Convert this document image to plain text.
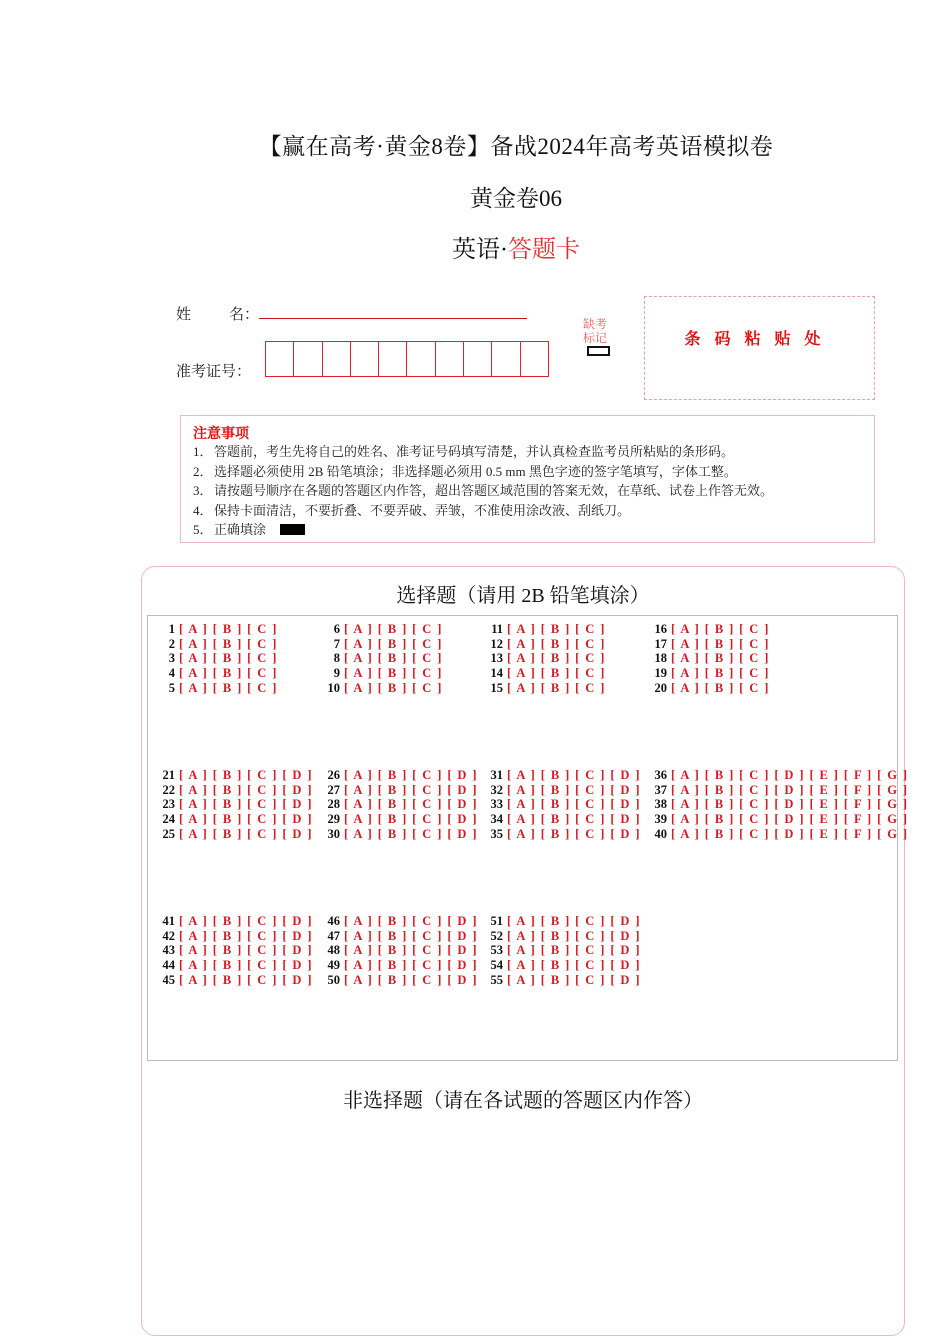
【赢在高考·黄金8卷】备战2024年高考英语模拟卷
黄金卷06
英语·答题卡
姓	名：
准考证号：
缺考标记	条码粘贴处
注意事项
1．答题前，考生先将自己的姓名、准考证号码填写清楚，并认真检查监考员所粘贴的条形码。
2．选择题必须使用 2B 铅笔填涂；非选择题必须用 0.5 mm 黑色字迹的签字笔填写，字体工整。
3．请按题号顺序在各题的答题区内作答，超出答题区域范围的答案无效，在草纸、试卷上作答无效。
4．保持卡面清洁，不要折叠、不要弄破、弄皱，不准使用涂改液、刮纸刀。
5．正确填涂
选择题（请用 2B 铅笔填涂）
1 [ A ] [ B ] [ C ]
2 [ A ] [ B ] [ C ]
3 [ A ] [ B ] [ C ]
4 [ A ] [ B ] [ C ]
5 [ A ] [ B ] [ C ]
6 [ A ] [ B ] [ C ]
7 [ A ] [ B ] [ C ]
8 [ A ] [ B ] [ C ]
9 [ A ] [ B ] [ C ]
10 [ A ] [ B ] [ C ]
11 [ A ] [ B ] [ C ]
12 [ A ] [ B ] [ C ]
13 [ A ] [ B ] [ C ]
14 [ A ] [ B ] [ C ]
15 [ A ] [ B ] [ C ]
16 [ A ] [ B ] [ C ]
17 [ A ] [ B ] [ C ]
18 [ A ] [ B ] [ C ]
19 [ A ] [ B ] [ C ]
20 [ A ] [ B ] [ C ]
21 [ A ] [ B ] [ C ] [ D ]
22 [ A ] [ B ] [ C ] [ D ]
23 [ A ] [ B ] [ C ] [ D ]
24 [ A ] [ B ] [ C ] [ D ]
25 [ A ] [ B ] [ C ] [ D ]
26 [ A ] [ B ] [ C ] [ D ]
27 [ A ] [ B ] [ C ] [ D ]
28 [ A ] [ B ] [ C ] [ D ]
29 [ A ] [ B ] [ C ] [ D ]
30 [ A ] [ B ] [ C ] [ D ]
31 [ A ] [ B ] [ C ] [ D ]
32 [ A ] [ B ] [ C ] [ D ]
33 [ A ] [ B ] [ C ] [ D ]
34 [ A ] [ B ] [ C ] [ D ]
35 [ A ] [ B ] [ C ] [ D ]
36 [ A ] [ B ] [ C ] [ D ] [ E ] [ F ] [ G ]
37 [ A ] [ B ] [ C ] [ D ] [ E ] [ F ] [ G ]
38 [ A ] [ B ] [ C ] [ D ] [ E ] [ F ] [ G ]
39 [ A ] [ B ] [ C ] [ D ] [ E ] [ F ] [ G ]
40 [ A ] [ B ] [ C ] [ D ] [ E ] [ F ] [ G ]
41 [ A ] [ B ] [ C ] [ D ]
42 [ A ] [ B ] [ C ] [ D ]
43 [ A ] [ B ] [ C ] [ D ]
44 [ A ] [ B ] [ C ] [ D ]
45 [ A ] [ B ] [ C ] [ D ]
46 [ A ] [ B ] [ C ] [ D ]
47 [ A ] [ B ] [ C ] [ D ]
48 [ A ] [ B ] [ C ] [ D ]
49 [ A ] [ B ] [ C ] [ D ]
50 [ A ] [ B ] [ C ] [ D ]
51 [ A ] [ B ] [ C ] [ D ]
52 [ A ] [ B ] [ C ] [ D ]
53 [ A ] [ B ] [ C ] [ D ]
54 [ A ] [ B ] [ C ] [ D ]
55 [ A ] [ B ] [ C ] [ D ]
非选择题（请在各试题的答题区内作答）
